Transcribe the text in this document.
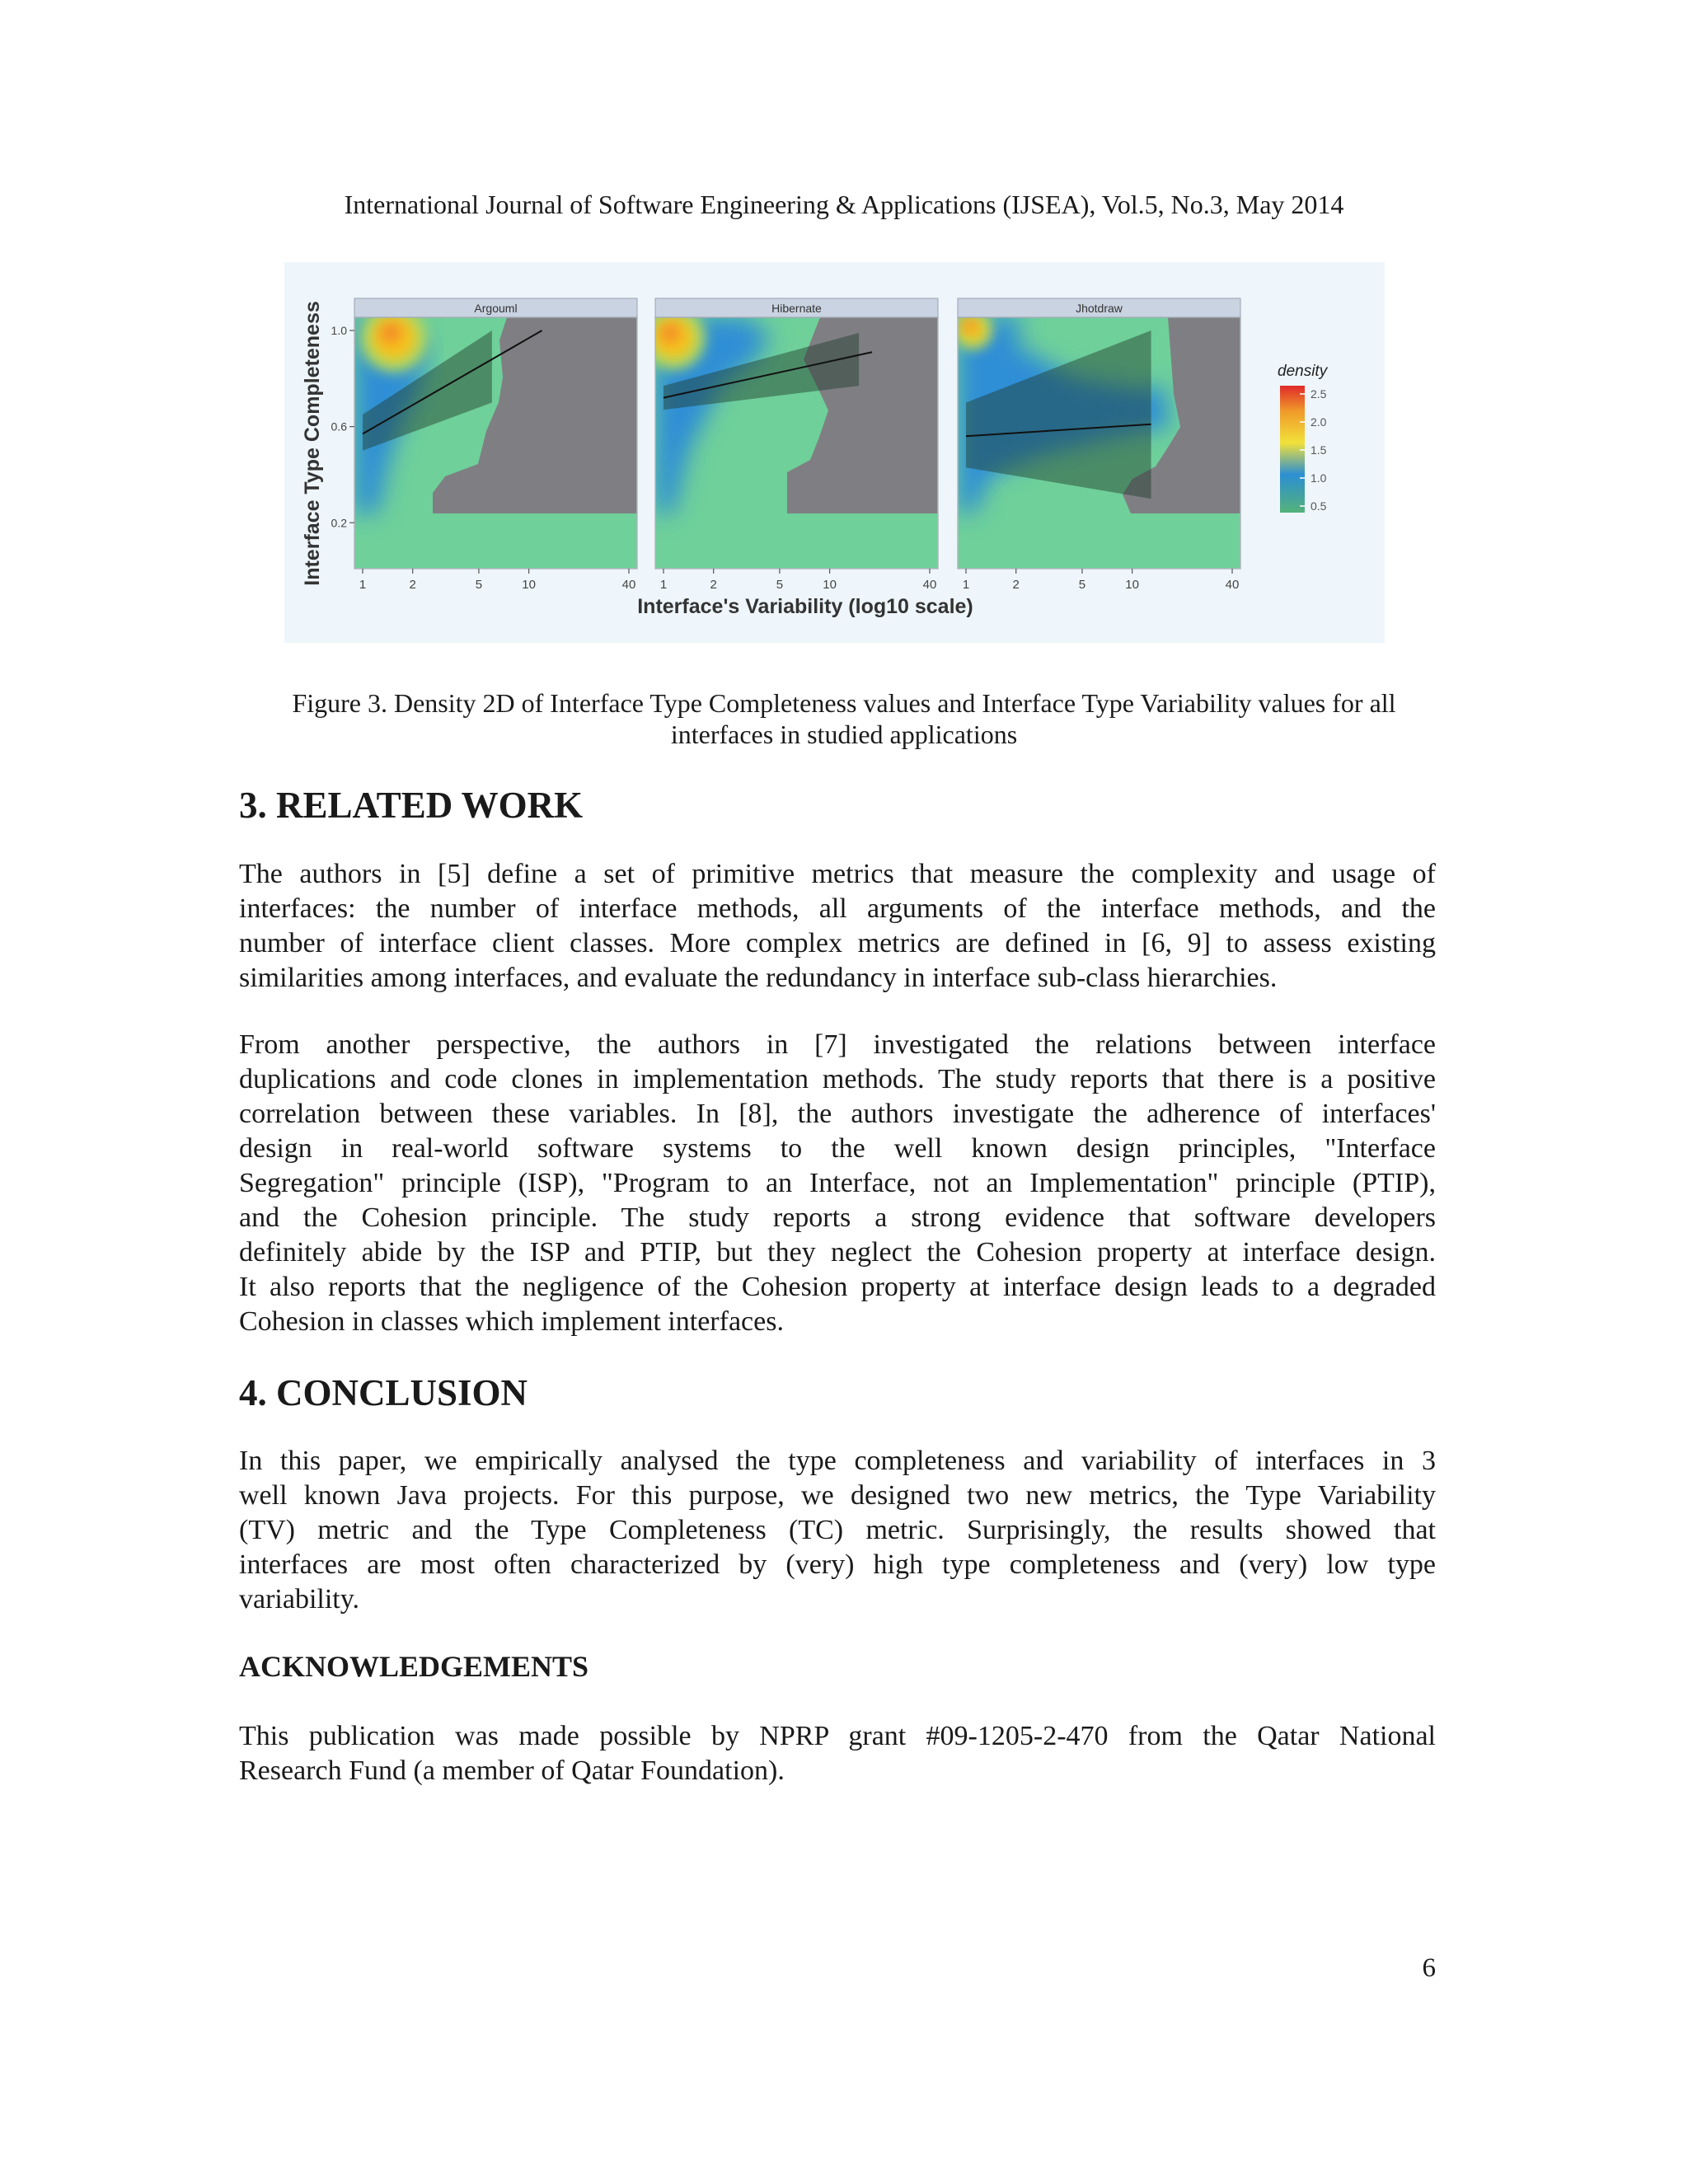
International Journal of Software Engineering & Applications (IJSEA), Vol.5, No.3, May 2014
Argouml	Hibernate	Jhotdraw
1	2	5	10	40 1	2	5	10	40 1	2	5	10	40
0.2
0.6
1.0
density
0.5
1.0
1.5
2.0
2.5
Interface's Variability (log10 scale)
Interface Type Completeness
Figure 3. Density 2D of Interface Type Completeness values and Interface Type Variability values for all
interfaces in studied applications
3. RELATED WORK
The authors in [5] define a set of primitive metrics that measure the complexity and usage of
interfaces: the number of interface methods, all arguments of the interface methods, and the
number of interface client classes. More complex metrics are defined in [6, 9] to assess existing
similarities among interfaces, and evaluate the redundancy in interface sub-class hierarchies.
From another perspective, the authors in [7] investigated the relations between interface
duplications and code clones in implementation methods. The study reports that there is a positive
correlation between these variables. In [8], the authors investigate the adherence of interfaces'
design in real-world software systems to the well known design principles, "Interface
Segregation" principle (ISP), "Program to an Interface, not an Implementation" principle (PTIP),
and the Cohesion principle. The study reports a strong evidence that software developers
definitely abide by the ISP and PTIP, but they neglect the Cohesion property at interface design.
It also reports that the negligence of the Cohesion property at interface design leads to a degraded
Cohesion in classes which implement interfaces.
4. CONCLUSION
In this paper, we empirically analysed the type completeness and variability of interfaces in 3
well known Java projects. For this purpose, we designed two new metrics, the Type Variability
(TV) metric and the Type Completeness (TC) metric. Surprisingly, the results showed that
interfaces are most often characterized by (very) high type completeness and (very) low type
variability.
ACKNOWLEDGEMENTS
This publication was made possible by NPRP grant #09-1205-2-470 from the Qatar National
Research Fund (a member of Qatar Foundation).
6
